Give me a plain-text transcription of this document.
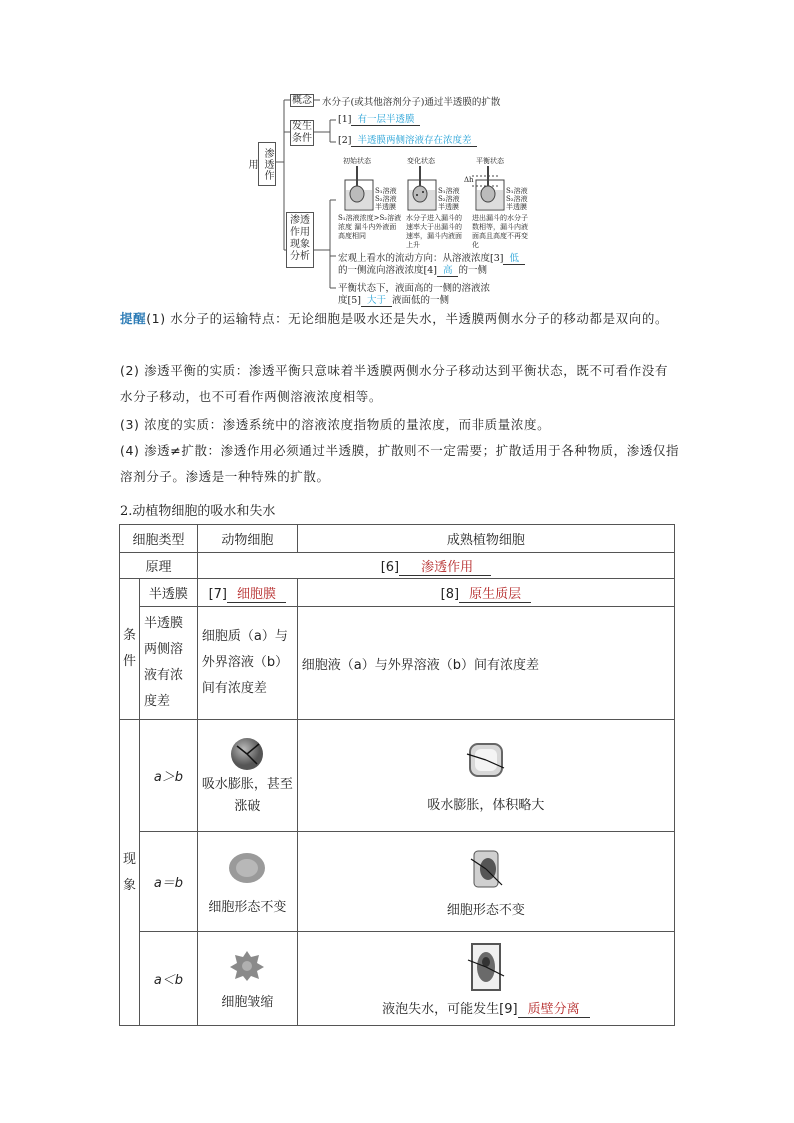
渗透作用
概念 水分子(或其他溶剂分子)通过半透膜的扩散
发生条件
[1] 有一层半透膜
[2] 半透膜两侧溶液存在浓度差
渗透作用现象分析
初始状态	变化状态	平衡状态
S₁溶液
S₂溶液
半透膜
S₁溶液
S₂溶液
半透膜
S₁溶液
S₂溶液
半透膜
Δh
S₁溶液浓度>S₂溶液浓度 漏斗内外液面 高度相同
水分子进入漏斗的速率大于出漏斗的速率，漏斗内液面上升
进出漏斗的水分子数相等，漏斗内液面高且高度不再变化
宏观上看水的流动方向：从溶液浓度[3] 低
的一侧流向溶液浓度[4] 高 的一侧
平衡状态下，液面高的一侧的溶液浓
度[5] 大于 液面低的一侧
提醒(1) 水分子的运输特点：无论细胞是吸水还是失水，半透膜两侧水分子的移动都是双向的。
(2) 渗透平衡的实质：渗透平衡只意味着半透膜两侧水分子移动达到平衡状态，既不可看作没有水分子移动，也不可看作两侧溶液浓度相等。
(3) 浓度的实质：渗透系统中的溶液浓度指物质的量浓度，而非质量浓度。
(4) 渗透≠扩散：渗透作用必须通过半透膜，扩散则不一定需要；扩散适用于各种物质，渗透仅指溶剂分子。渗透是一种特殊的扩散。
2.动植物细胞的吸水和失水
细胞类型		动物细胞	成熟植物细胞
原理		[6] 渗透作用	
条件	半透膜	[7] 细胞膜	[8] 原生质层
	半透膜两侧溶液有浓度差	细胞质（a）与外界溶液（b）间有浓度差	细胞液（a）与外界溶液（b）间有浓度差
现象	a＞b	吸水膨胀，甚至涨破	吸水膨胀，体积略大

	a＝b	细胞形态不变	细胞形态不变

	a＜b	细胞皱缩	液泡失水，可能发生[9] 质壁分离
